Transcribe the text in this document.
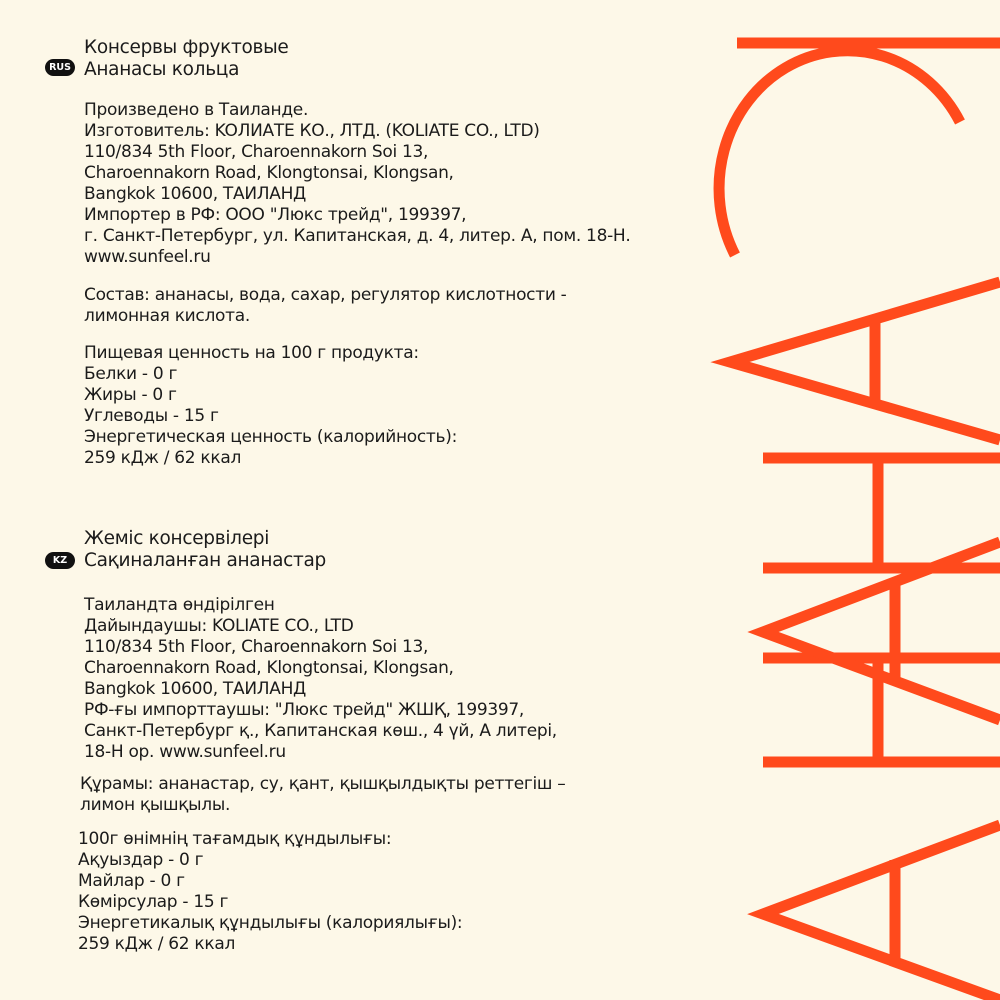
RUS
Консервы фруктовые
Ананасы кольца
Произведено в Таиланде.
Изготовитель: KOЛИАТЕ КО., ЛТД. (KOLIATE CO., LTD)
110/834 5th Floor, Charoennakorn Soi 13,
Charoennakorn Road, Klongtonsai, Klongsan,
Bangkok 10600, ТАИЛАНД
Импортер в РФ: ООО "Люкс трейд", 199397,
г. Санкт-Петербург, ул. Капитанская, д. 4, литер. А, пом. 18-Н.
www.sunfeel.ru
Состав: ананасы, вода, сахар, регулятор кислотности -
лимонная кислота.
Пищевая ценность на 100 г продукта:
Белки - 0 г
Жиры - 0 г
Углеводы - 15 г
Энергетическая ценность (калорийность):
259 кДж / 62 ккал
KZ
Жеміс консервілері
Сақиналанған ананастар
Таиландта өндірілген
Дайындаушы: KOLIATE CO., LTD
110/834 5th Floor, Charoennakorn Soi 13,
Charoennakorn Road, Klongtonsai, Klongsan,
Bangkok 10600, ТАИЛАНД
РФ-ғы импорттаушы: "Люкс трейд" ЖШҚ, 199397,
Санкт-Петербург қ., Капитанская көш., 4 үй, А литері,
18-Н ор. www.sunfeel.ru
Құрамы: ананастар, су, қант, қышқылдықты реттегіш –
лимон қышқылы.
100г өнімнің тағамдық құндылығы:
Ақуыздар - 0 г
Майлар - 0 г
Көмірсулар - 15 г
Энергетикалық құндылығы (калориялығы):
259 кДж / 62 ккал
